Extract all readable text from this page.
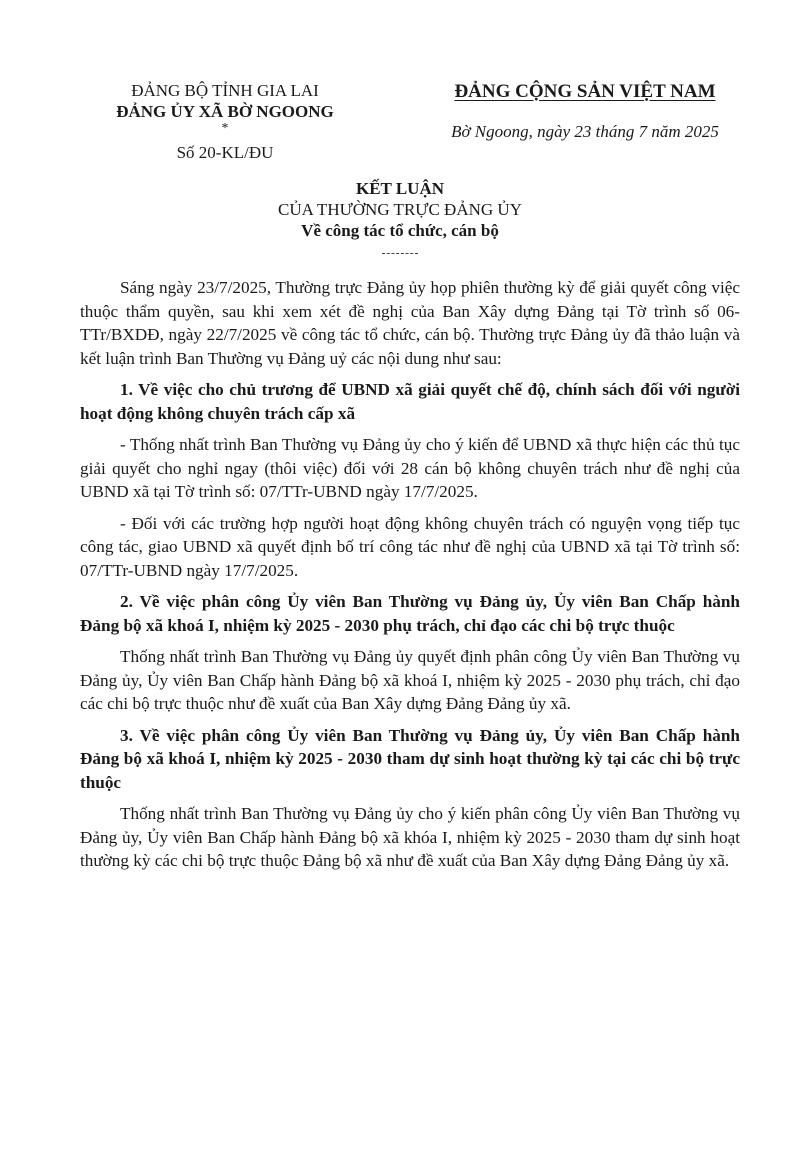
ĐẢNG BỘ TỈNH GIA LAI
ĐẢNG ỦY XÃ BỜ NGOONG
*
Số 20-KL/ĐU
ĐẢNG CỘNG SẢN VIỆT NAM
Bờ Ngoong, ngày 23 tháng 7 năm 2025
KẾT LUẬN
CỦA THƯỜNG TRỰC ĐẢNG ỦY
Về công tác tổ chức, cán bộ

Sáng ngày 23/7/2025, Thường trực Đảng ủy họp phiên thường kỳ để giải quyết công việc thuộc thẩm quyền, sau khi xem xét đề nghị của Ban Xây dựng Đảng tại Tờ trình số 06-TTr/BXDĐ, ngày 22/7/2025 về công tác tổ chức, cán bộ. Thường trực Đảng ủy đã thảo luận và kết luận trình Ban Thường vụ Đảng uỷ các nội dung như sau:

1. Về việc cho chủ trương để UBND xã giải quyết chế độ, chính sách đối với người hoạt động không chuyên trách cấp xã

- Thống nhất trình Ban Thường vụ Đảng ủy cho ý kiến để UBND xã thực hiện các thủ tục giải quyết cho nghỉ ngay (thôi việc) đối với 28 cán bộ không chuyên trách như đề nghị của UBND xã tại Tờ trình số: 07/TTr-UBND ngày 17/7/2025.

- Đối với các trường hợp người hoạt động không chuyên trách có nguyện vọng tiếp tục công tác, giao UBND xã quyết định bố trí công tác như đề nghị của UBND xã tại Tờ trình số: 07/TTr-UBND ngày 17/7/2025.

2. Về việc phân công Ủy viên Ban Thường vụ Đảng ủy, Ủy viên Ban Chấp hành Đảng bộ xã khoá I, nhiệm kỳ 2025 - 2030 phụ trách, chỉ đạo các chi bộ trực thuộc

Thống nhất trình Ban Thường vụ Đảng ủy quyết định phân công Ủy viên Ban Thường vụ Đảng ủy, Ủy viên Ban Chấp hành Đảng bộ xã khoá I, nhiệm kỳ 2025 - 2030 phụ trách, chỉ đạo các chi bộ trực thuộc như đề xuất của Ban Xây dựng Đảng Đảng ủy xã.

3. Về việc phân công Ủy viên Ban Thường vụ Đảng ủy, Ủy viên Ban Chấp hành Đảng bộ xã khoá I, nhiệm kỳ 2025 - 2030 tham dự sinh hoạt thường kỳ tại các chi bộ trực thuộc

Thống nhất trình Ban Thường vụ Đảng ủy cho ý kiến phân công Ủy viên Ban Thường vụ Đảng ủy, Ủy viên Ban Chấp hành Đảng bộ xã khóa I, nhiệm kỳ 2025 - 2030 tham dự sinh hoạt thường kỳ các chi bộ trực thuộc Đảng bộ xã như đề xuất của Ban Xây dựng Đảng Đảng ủy xã.
